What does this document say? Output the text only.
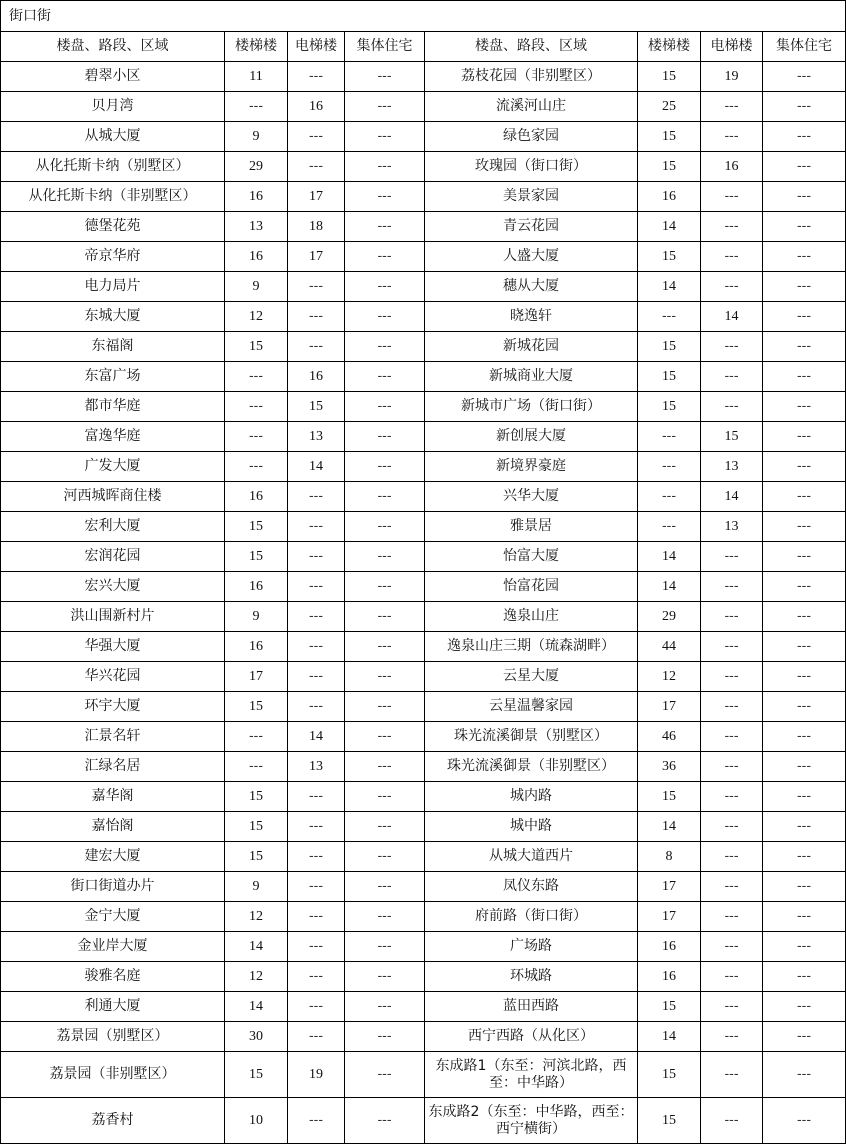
街口街							
楼盘、路段、区域	楼梯楼	电梯楼	集体住宅	楼盘、路段、区域	楼梯楼	电梯楼	集体住宅
碧翠小区	11	---	---	荔枝花园（非别墅区）	15	19	---
贝月湾	---	16	---	流溪河山庄	25	---	---
从城大厦	9	---	---	绿色家园	15	---	---
从化托斯卡纳（别墅区）	29	---	---	玫瑰园（街口街）	15	16	---
从化托斯卡纳（非别墅区）	16	17	---	美景家园	16	---	---
德堡花苑	13	18	---	青云花园	14	---	---
帝京华府	16	17	---	人盛大厦	15	---	---
电力局片	9	---	---	穗从大厦	14	---	---
东城大厦	12	---	---	晓逸轩	---	14	---
东福阁	15	---	---	新城花园	15	---	---
东富广场	---	16	---	新城商业大厦	15	---	---
都市华庭	---	15	---	新城市广场（街口街）	15	---	---
富逸华庭	---	13	---	新创展大厦	---	15	---
广发大厦	---	14	---	新境界豪庭	---	13	---
河西城晖商住楼	16	---	---	兴华大厦	---	14	---
宏利大厦	15	---	---	雅景居	---	13	---
宏润花园	15	---	---	怡富大厦	14	---	---
宏兴大厦	16	---	---	怡富花园	14	---	---
洪山围新村片	9	---	---	逸泉山庄	29	---	---
华强大厦	16	---	---	逸泉山庄三期（琉森湖畔）	44	---	---
华兴花园	17	---	---	云星大厦	12	---	---
环宇大厦	15	---	---	云星温馨家园	17	---	---
汇景名轩	---	14	---	珠光流溪御景（别墅区）	46	---	---
汇绿名居	---	13	---	珠光流溪御景（非别墅区）	36	---	---
嘉华阁	15	---	---	城内路	15	---	---
嘉怡阁	15	---	---	城中路	14	---	---
建宏大厦	15	---	---	从城大道西片	8	---	---
街口街道办片	9	---	---	凤仪东路	17	---	---
金宁大厦	12	---	---	府前路（街口街）	17	---	---
金业岸大厦	14	---	---	广场路	16	---	---
骏雅名庭	12	---	---	环城路	16	---	---
利通大厦	14	---	---	蓝田西路	15	---	---
荔景园（别墅区）	30	---	---	西宁西路（从化区）	14	---	---
荔景园（非别墅区）	15	19	---	东成路1（东至：河滨北路，西至：中华路）	15	---	---
荔香村	10	---	---	东成路2（东至：中华路，西至：西宁横街）	15	---	---
